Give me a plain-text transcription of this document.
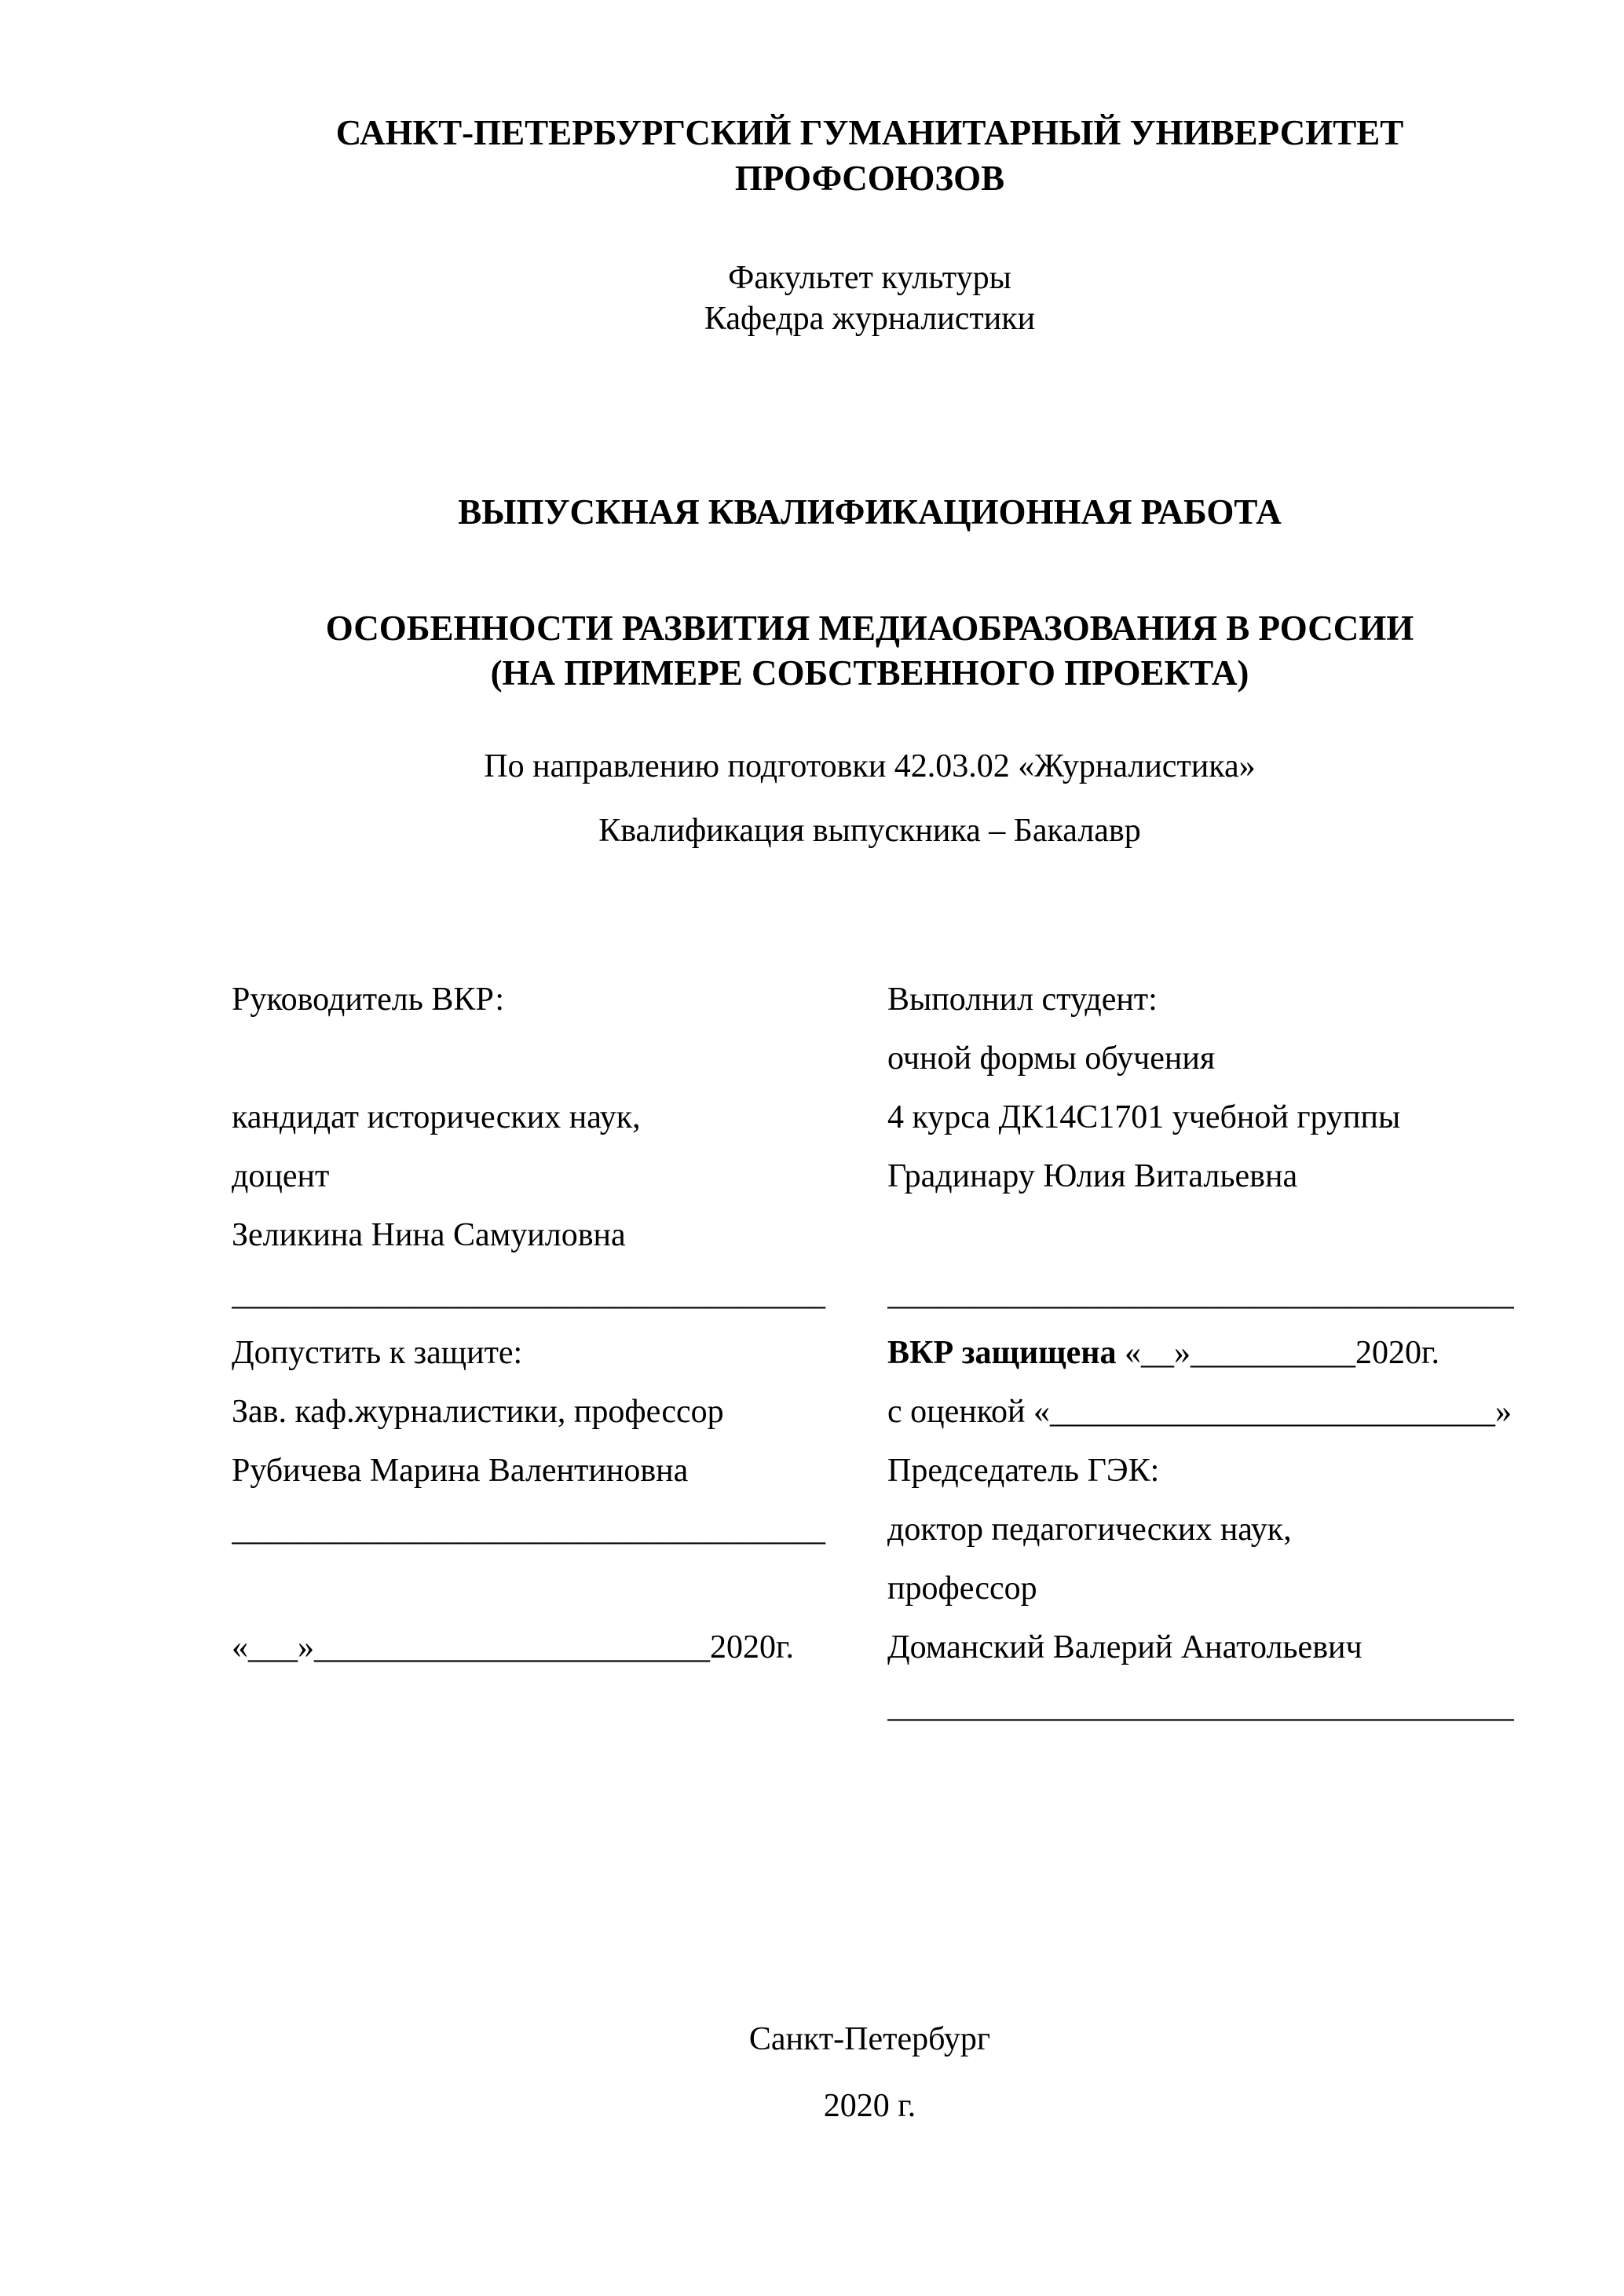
САНКТ-ПЕТЕРБУРГСКИЙ ГУМАНИТАРНЫЙ УНИВЕРСИТЕТ
ПРОФСОЮЗОВ
Факультет культуры
Кафедра журналистики
ВЫПУСКНАЯ КВАЛИФИКАЦИОННАЯ РАБОТА
ОСОБЕННОСТИ РАЗВИТИЯ МЕДИАОБРАЗОВАНИЯ В РОССИИ
(НА ПРИМЕРЕ СОБСТВЕННОГО ПРОЕКТА)
По направлению подготовки 42.03.02 «Журналистика»
Квалификация выпускника – Бакалавр
Руководитель ВКР:
кандидат исторических наук,
доцент
Зеликина Нина Самуиловна
____________________________________
Допустить к защите:
Зав. каф.журналистики, профессор
Рубичева Марина Валентиновна
____________________________________
«___»________________________2020г.
Выполнил студент:
очной формы обучения
4 курса ДК14С1701 учебной группы
Градинару Юлия Витальевна
______________________________________
ВКР защищена «__»__________2020г.
с оценкой «___________________________»
Председатель ГЭК:
доктор педагогических наук,
профессор
Доманский Валерий Анатольевич
______________________________________
Санкт-Петербург
2020 г.
